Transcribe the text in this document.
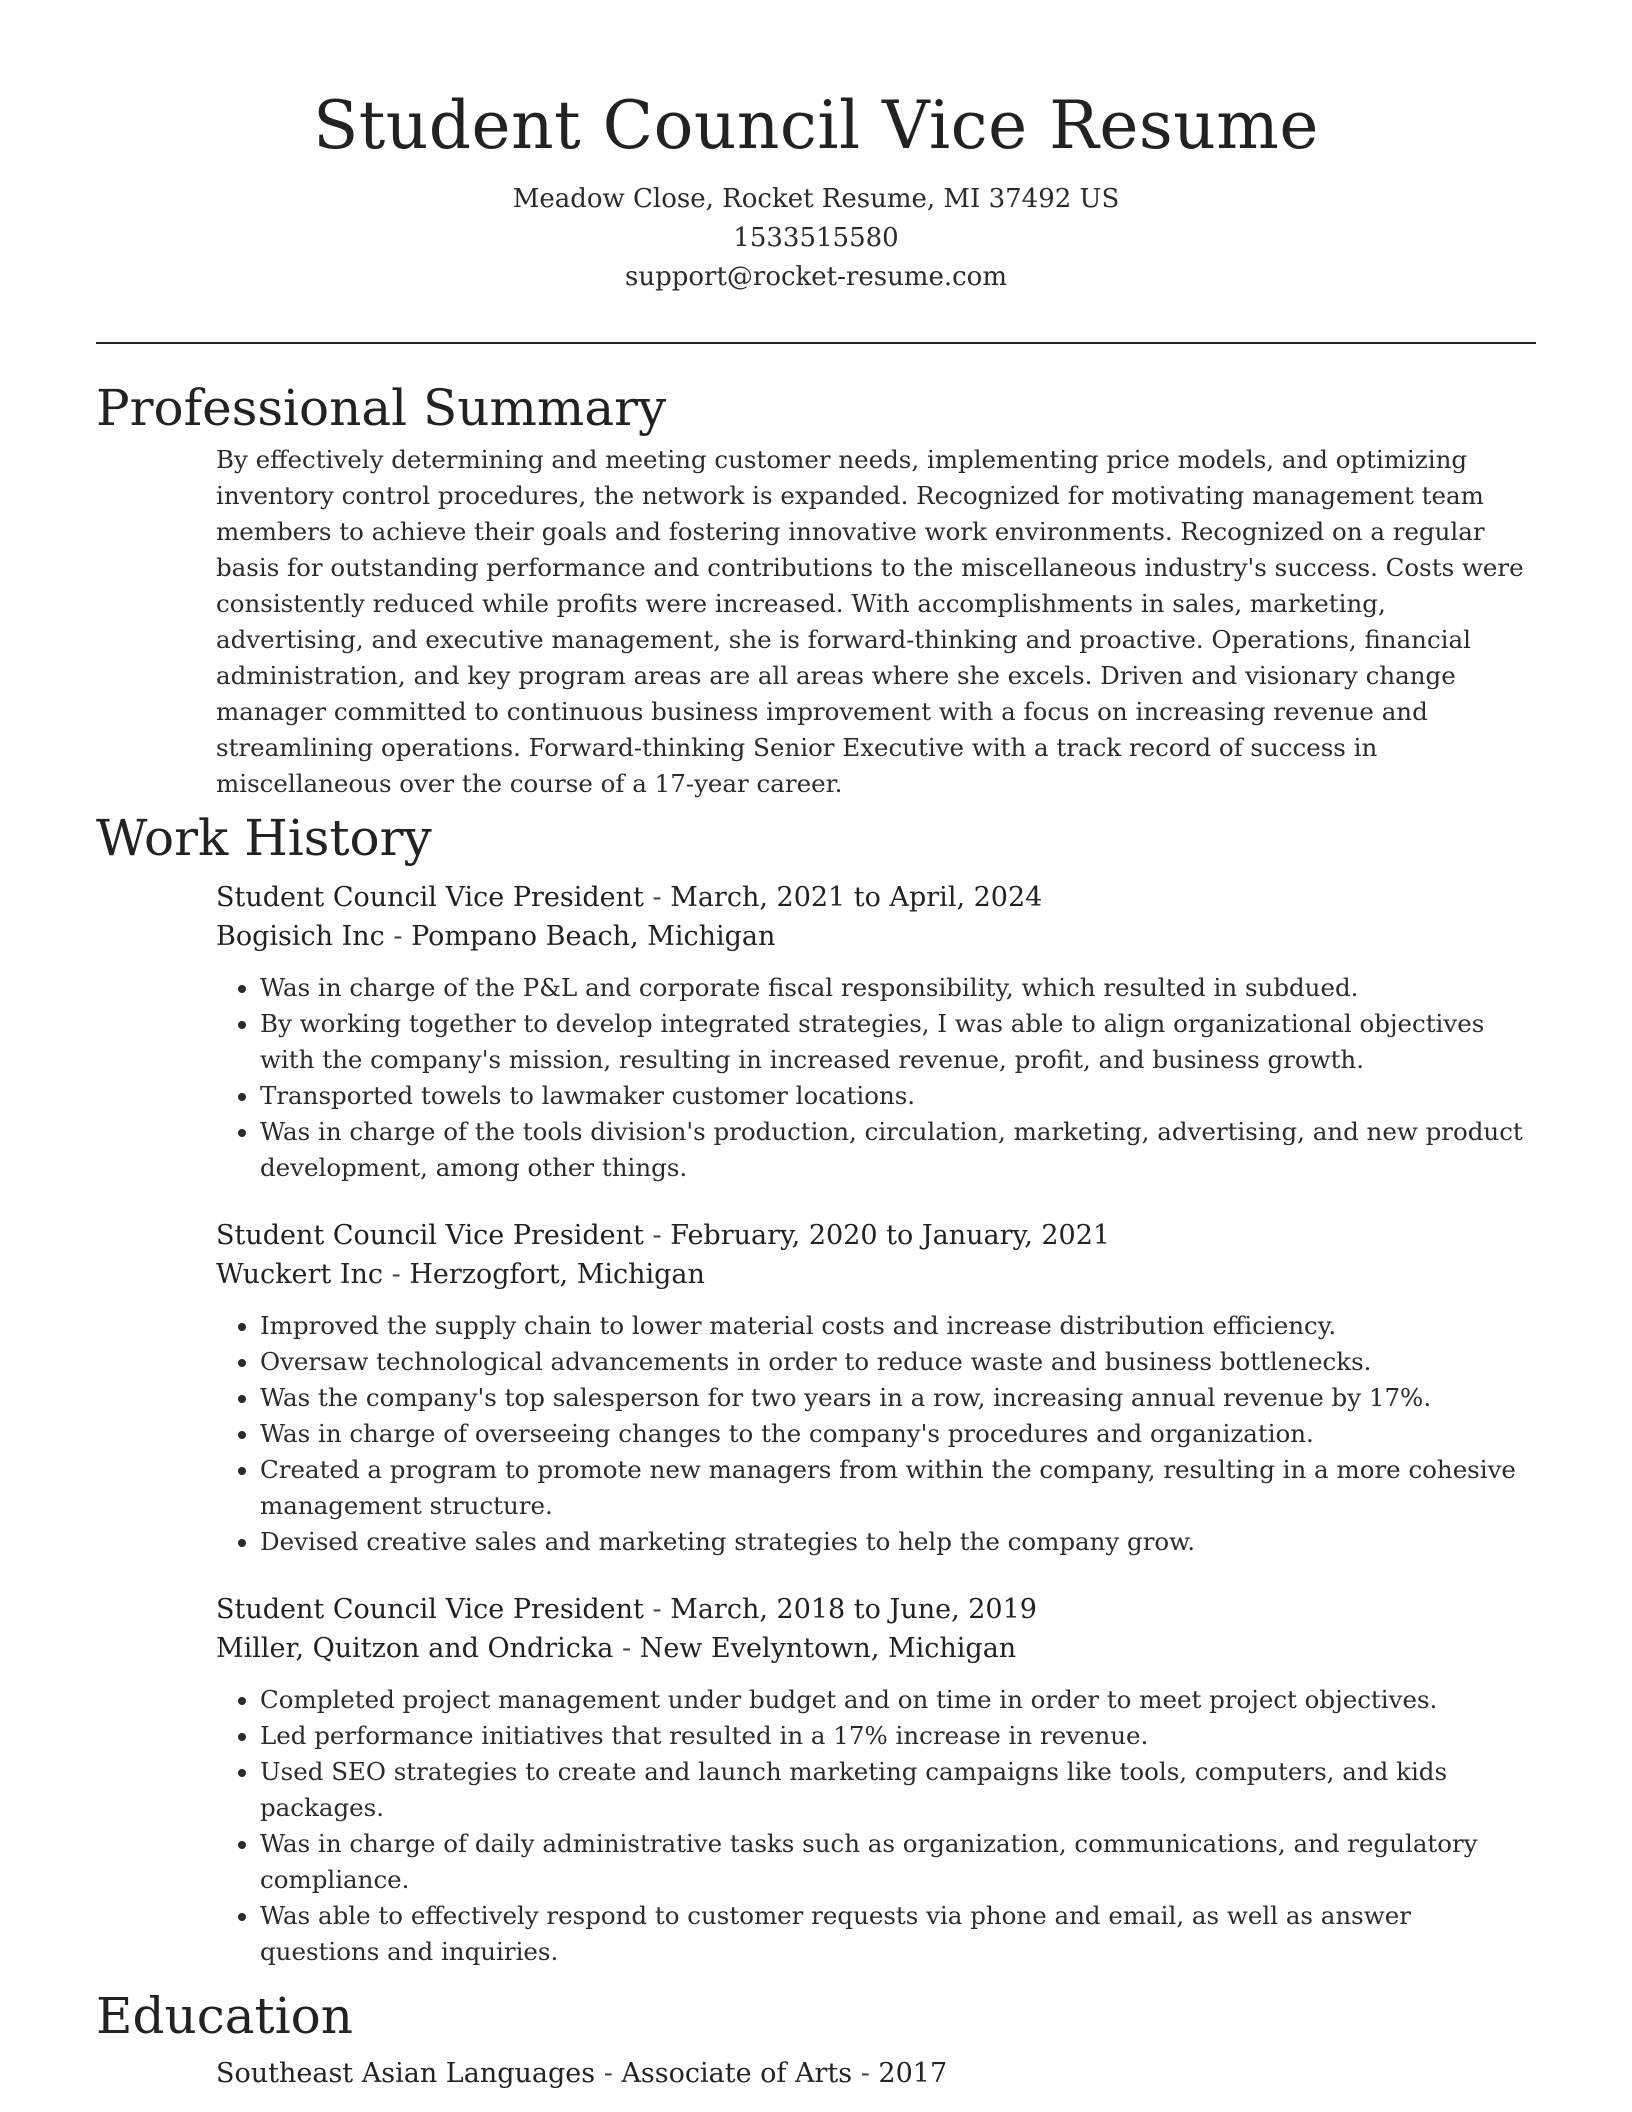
Student Council Vice Resume
Meadow Close, Rocket Resume, MI 37492 US
1533515580
support@rocket-resume.com
Professional Summary
By effectively determining and meeting customer needs, implementing price models, and optimizing inventory control procedures, the network is expanded. Recognized for motivating management team members to achieve their goals and fostering innovative work environments. Recognized on a regular basis for outstanding performance and contributions to the miscellaneous industry's success. Costs were consistently reduced while profits were increased. With accomplishments in sales, marketing, advertising, and executive management, she is forward-thinking and proactive. Operations, financial administration, and key program areas are all areas where she excels. Driven and visionary change manager committed to continuous business improvement with a focus on increasing revenue and streamlining operations. Forward-thinking Senior Executive with a track record of success in miscellaneous over the course of a 17-year career.
Work History
Student Council Vice President - March, 2021 to April, 2024
Bogisich Inc - Pompano Beach, Michigan
• Was in charge of the P&L and corporate fiscal responsibility, which resulted in subdued.
• By working together to develop integrated strategies, I was able to align organizational objectives with the company's mission, resulting in increased revenue, profit, and business growth.
• Transported towels to lawmaker customer locations.
• Was in charge of the tools division's production, circulation, marketing, advertising, and new product development, among other things.
Student Council Vice President - February, 2020 to January, 2021
Wuckert Inc - Herzogfort, Michigan
• Improved the supply chain to lower material costs and increase distribution efficiency.
• Oversaw technological advancements in order to reduce waste and business bottlenecks.
• Was the company's top salesperson for two years in a row, increasing annual revenue by 17%.
• Was in charge of overseeing changes to the company's procedures and organization.
• Created a program to promote new managers from within the company, resulting in a more cohesive management structure.
• Devised creative sales and marketing strategies to help the company grow.
Student Council Vice President - March, 2018 to June, 2019
Miller, Quitzon and Ondricka - New Evelyntown, Michigan
• Completed project management under budget and on time in order to meet project objectives.
• Led performance initiatives that resulted in a 17% increase in revenue.
• Used SEO strategies to create and launch marketing campaigns like tools, computers, and kids packages.
• Was in charge of daily administrative tasks such as organization, communications, and regulatory compliance.
• Was able to effectively respond to customer requests via phone and email, as well as answer questions and inquiries.
Education
Southeast Asian Languages - Associate of Arts - 2017
